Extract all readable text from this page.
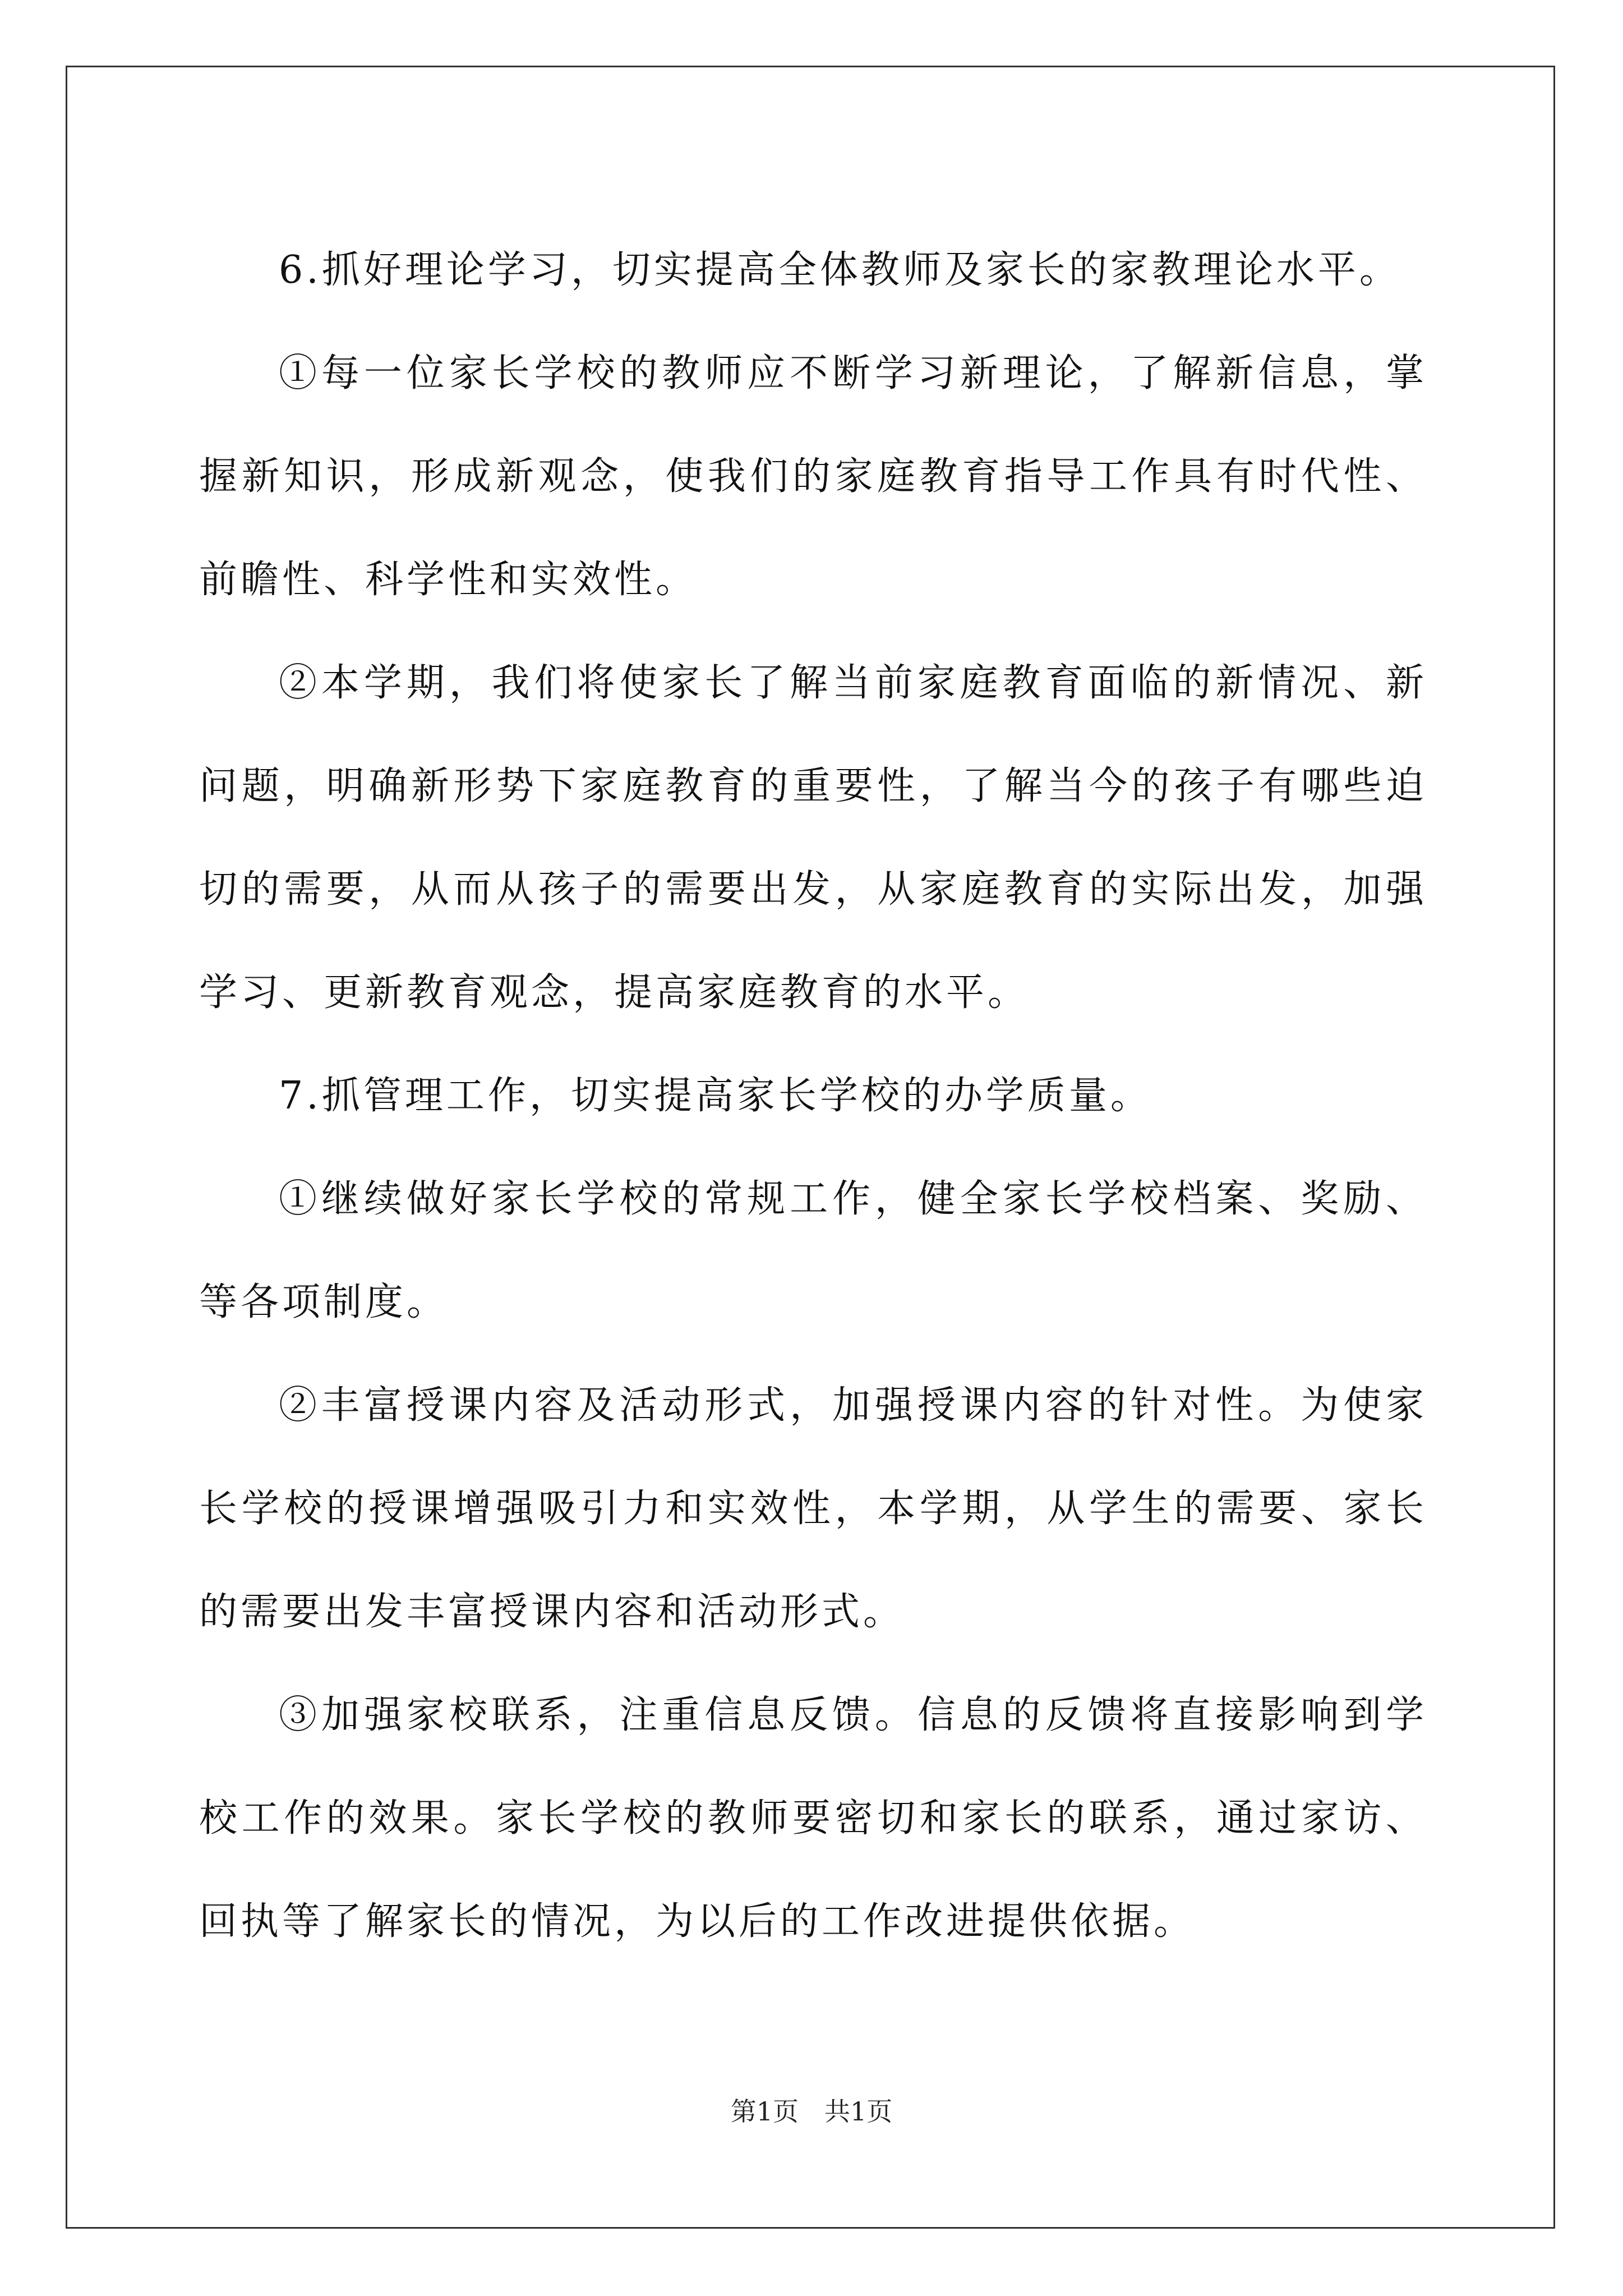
6.抓好理论学习，切实提高全体教师及家长的家教理论水平。

①每一位家长学校的教师应不断学习新理论，了解新信息，掌握新知识，形成新观念，使我们的家庭教育指导工作具有时代性、前瞻性、科学性和实效性。

②本学期，我们将使家长了解当前家庭教育面临的新情况、新问题，明确新形势下家庭教育的重要性，了解当今的孩子有哪些迫切的需要，从而从孩子的需要出发，从家庭教育的实际出发，加强学习、更新教育观念，提高家庭教育的水平。

7.抓管理工作，切实提高家长学校的办学质量。

①继续做好家长学校的常规工作，健全家长学校档案、奖励、等各项制度。

②丰富授课内容及活动形式，加强授课内容的针对性。为使家长学校的授课增强吸引力和实效性，本学期，从学生的需要、家长的需要出发丰富授课内容和活动形式。

③加强家校联系，注重信息反馈。信息的反馈将直接影响到学校工作的效果。家长学校的教师要密切和家长的联系，通过家访、回执等了解家长的情况，为以后的工作改进提供依据。

第1页　共1页
